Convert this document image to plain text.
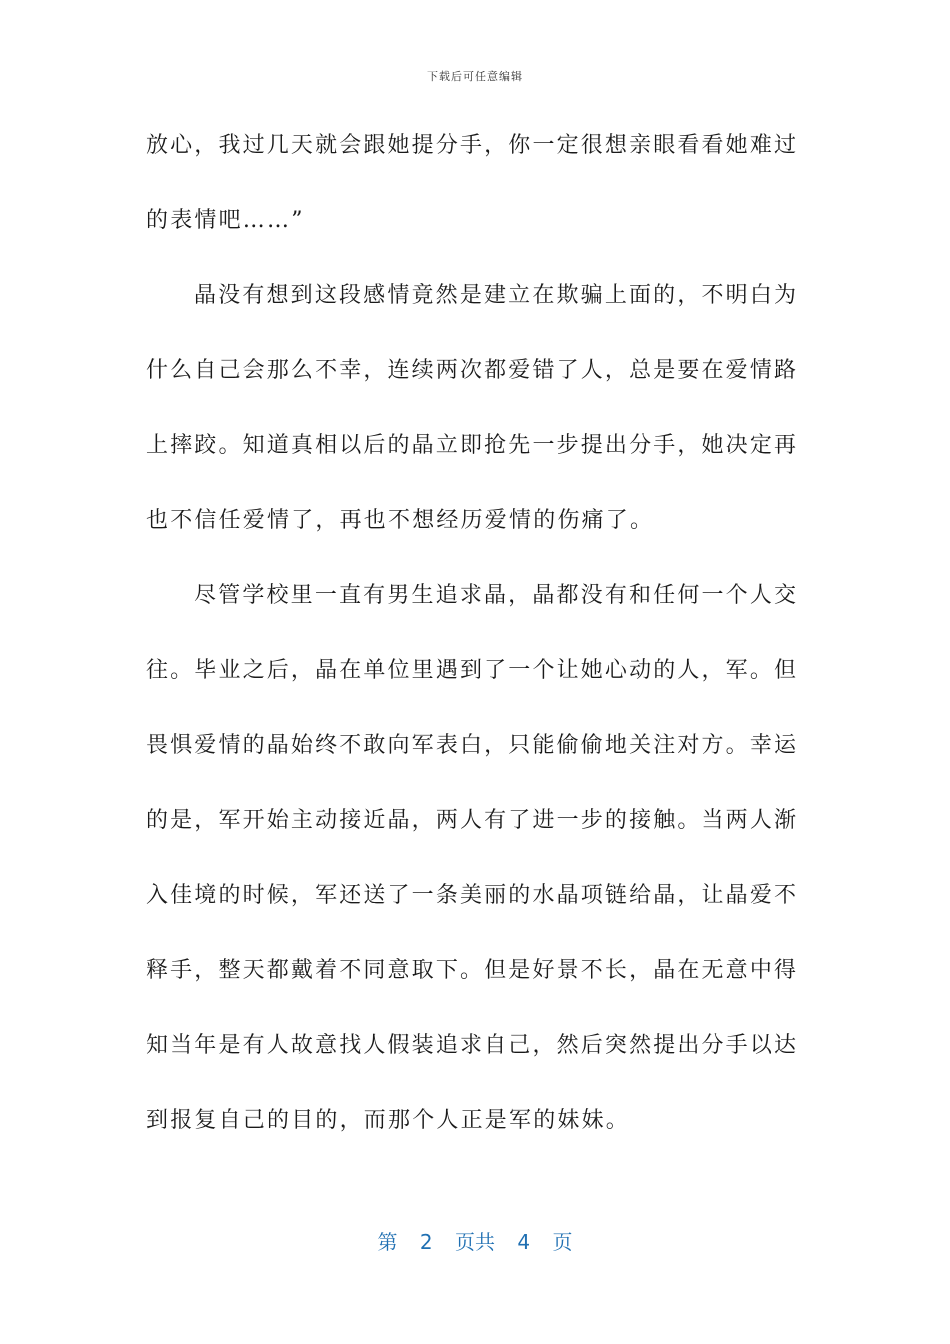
下载后可任意编辑
放心，我过几天就会跟她提分手，你一定很想亲眼看看她难过
的表情吧……”
晶没有想到这段感情竟然是建立在欺骗上面的，不明白为
什么自己会那么不幸，连续两次都爱错了人，总是要在爱情路
上摔跤。知道真相以后的晶立即抢先一步提出分手，她决定再
也不信任爱情了，再也不想经历爱情的伤痛了。
尽管学校里一直有男生追求晶，晶都没有和任何一个人交
往。毕业之后，晶在单位里遇到了一个让她心动的人，军。但
畏惧爱情的晶始终不敢向军表白，只能偷偷地关注对方。幸运
的是，军开始主动接近晶，两人有了进一步的接触。当两人渐
入佳境的时候，军还送了一条美丽的水晶项链给晶，让晶爱不
释手，整天都戴着不同意取下。但是好景不长，晶在无意中得
知当年是有人故意找人假装追求自己，然后突然提出分手以达
到报复自己的目的，而那个人正是军的妹妹。
第 2 页共 4 页
